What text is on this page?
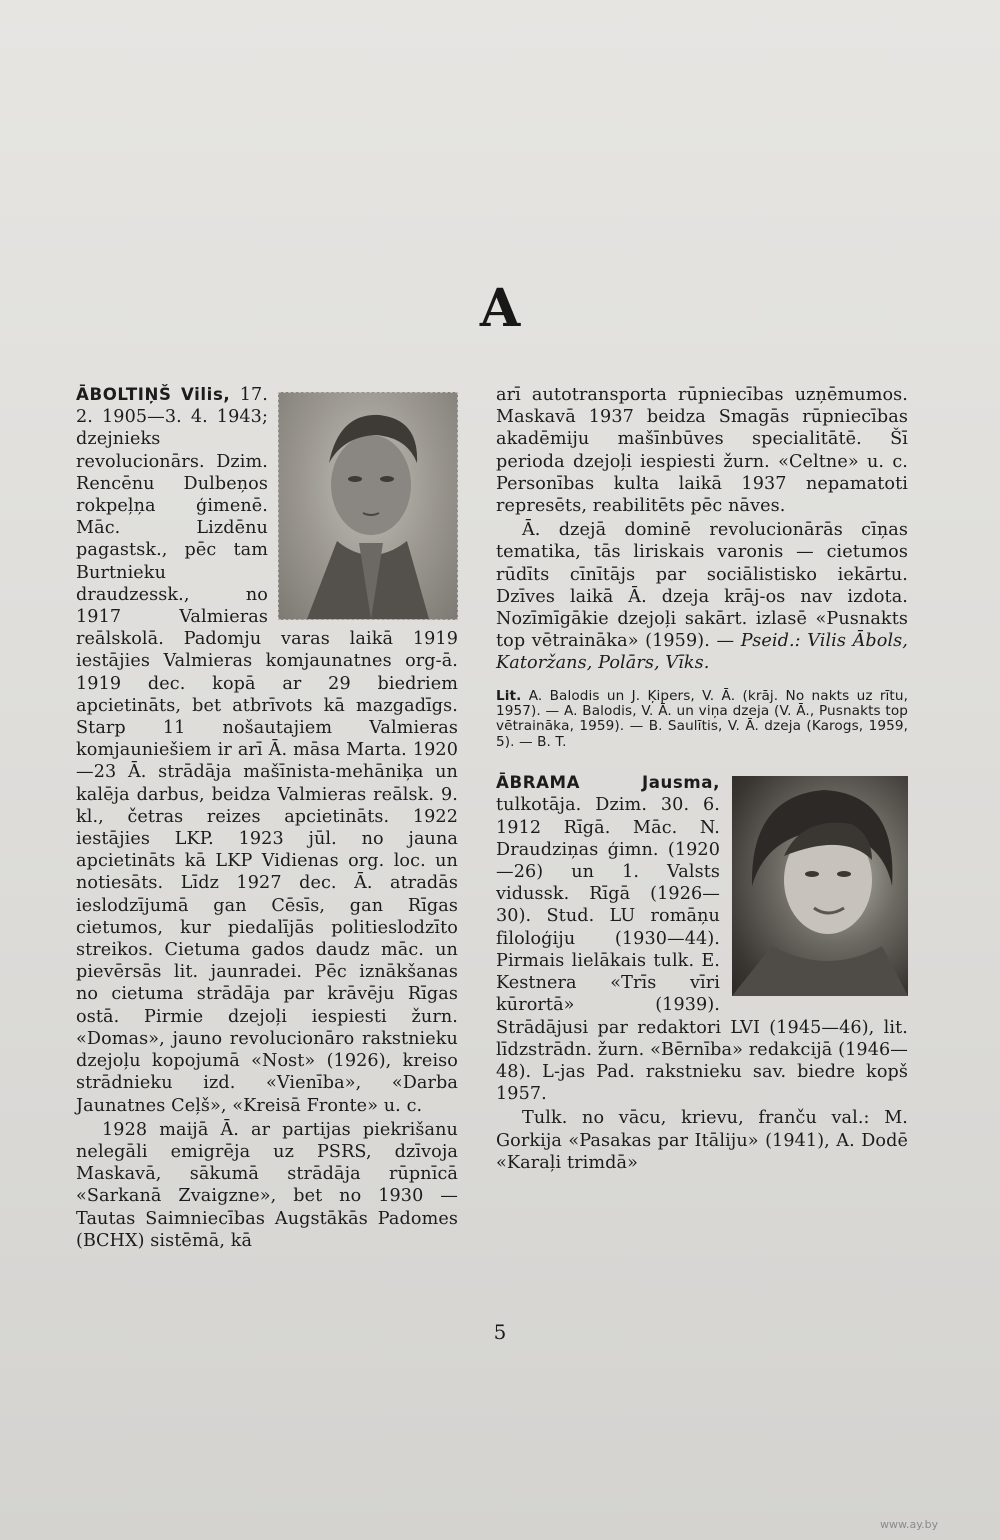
A

ĀBOLTIŅŠ Vilis, 17. 2. 1905—3. 4. 1943; dzejnieks revolucionārs. Dzim. Rencēnu Dulbeņos rokpeļņa ģimenē. Māc. Lizdēnu pagastsk., pēc tam Burtnieku draudzessk., no 1917 Valmieras reālskolā. Padomju varas laikā 1919 iestājies Valmieras komjaunatnes org-ā. 1919 dec. kopā ar 29 biedriem apcietināts, bet atbrīvots kā mazgadīgs. Starp 11 nošautajiem Valmieras komjauniešiem ir arī Ā. māsa Marta. 1920—23 Ā. strādāja mašīnista-mehāniķa un kalēja darbus, beidza Valmieras reālsk. 9. kl., četras reizes apcietināts. 1922 iestājies LKP. 1923 jūl. no jauna apcietināts kā LKP Vidienas org. loc. un notiesāts. Līdz 1927 dec. Ā. atradās ieslodzījumā gan Cēsīs, gan Rīgas cietumos, kur piedalījās politieslodzīto streikos. Cietuma gados daudz māc. un pievērsās lit. jaunradei. Pēc iznākšanas no cietuma strādāja par krāvēju Rīgas ostā. Pirmie dzejoļi iespiesti žurn. «Domas», jauno revolucionāro rakstnieku dzejoļu kopojumā «Nost» (1926), kreiso strādnieku izd. «Vienība», «Darba Jaunatnes Ceļš», «Kreisā Fronte» u. c.

1928 maijā Ā. ar partijas piekrišanu nelegāli emigrēja uz PSRS, dzīvoja Maskavā, sākumā strādāja rūpnīcā «Sarkanā Zvaigzne», bet no 1930 — Tautas Saimniecības Augstākās Padomes (ВСНХ) sistēmā, kā

arī autotransporta rūpniecības uzņēmumos. Maskavā 1937 beidza Smagās rūpniecības akadēmiju mašīnbūves specialitātē. Šī perioda dzejoļi iespiesti žurn. «Celtne» u. c. Personības kulta laikā 1937 nepamatoti represēts, reabilitēts pēc nāves.

Ā. dzejā dominē revolucionārās cīņas tematika, tās liriskais varonis — cietumos rūdīts cīnītājs par sociālistisko iekārtu. Dzīves laikā Ā. dzeja krāj-os nav izdota. Nozīmīgākie dzejoļi sakārt. izlasē «Pusnakts top vētrainākа» (1959). — Pseid.: Vilis Ābols, Katoržans, Polārs, Vīks.

Lit. A. Balodis un J. Ķipers, V. Ā. (krāj. No nakts uz rītu, 1957). — A. Balodis, V. Ā. un viņa dzeja (V. Ā., Pusnakts top vētrainākа, 1959). — B. Saulītis, V. Ā. dzeja (Karogs, 1959, 5). — B. T.

ĀBRAMA	Jausma, tulkotāja. Dzim. 30. 6. 1912 Rīgā. Māc. N. Draudziņas ģimn. (1920—26) un 1. Valsts vidussk. Rīgā (1926—30). Stud. LU romāņu filoloģiju (1930—44). Pirmais lielākais tulk. E. Kestnera «Trīs vīri kūrortā» (1939). Strādājusi par redaktori LVI (1945—46), lit. līdzstrādn. žurn. «Bērnība» redakcijā (1946—48). L-jas Pad. rakstnieku sav. biedre kopš 1957.

Tulk. no vācu, krievu, franču val.: M. Gorkija «Pasakas par Itāliju» (1941), A. Dodē «Karaļi trimdā»

5
www.ay.by
